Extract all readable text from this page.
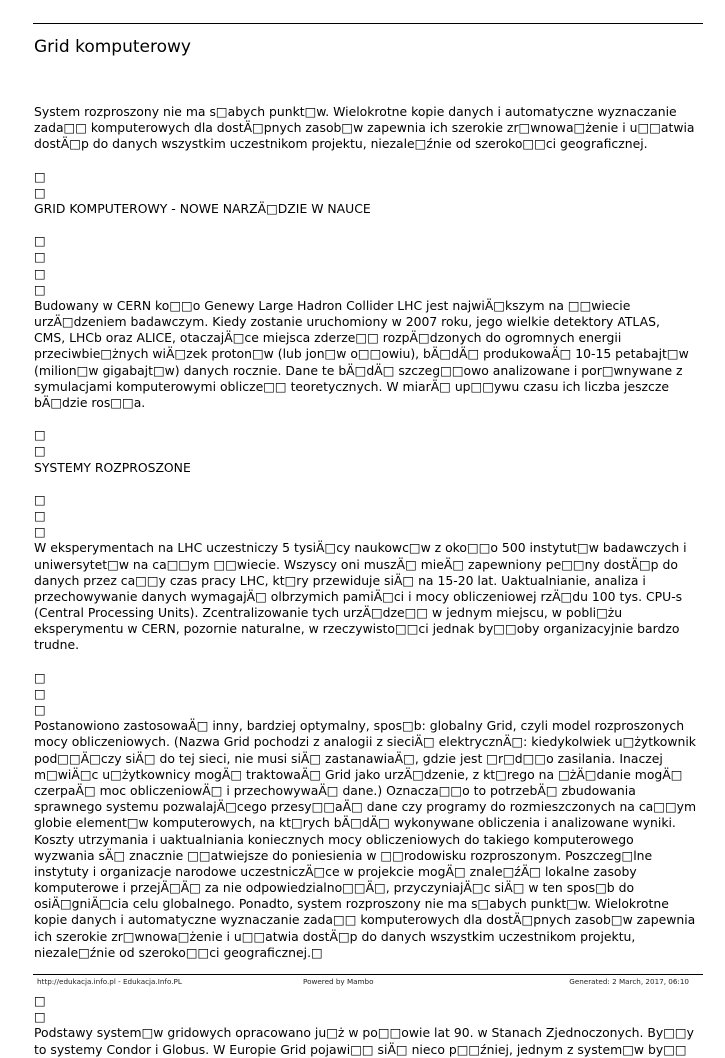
Grid komputerowy
System rozproszony nie ma s□abych punkt□w. Wielokrotne kopie danych i automatyczne wyznaczanie
zada□□ komputerowych dla dostÄ□pnych zasob□w zapewnia ich szerokie zr□wnowa□żenie i u□□atwia
dostÄ□p do danych wszystkim uczestnikom projektu, niezale□źnie od szeroko□□ci geograficznej.
□
□
GRID KOMPUTEROWY - NOWE NARZÄ□DZIE W NAUCE
□
□
□
□
Budowany w CERN ko□□o Genewy Large Hadron Collider LHC jest najwiÄ□kszym na □□wiecie
urzÄ□dzeniem badawczym. Kiedy zostanie uruchomiony w 2007 roku, jego wielkie detektory ATLAS,
CMS, LHCb oraz ALICE, otaczajÄ□ce miejsca zderze□□ rozpÄ□dzonych do ogromnych energii
przeciwbie□żnych wiÄ□zek proton□w (lub jon□w o□□owiu), bÄ□dÄ□ produkowaÄ□ 10-15 petabajt□w
(milion□w gigabajt□w) danych rocznie. Dane te bÄ□dÄ□ szczeg□□owo analizowane i por□wnywane z
symulacjami komputerowymi oblicze□□ teoretycznych. W miarÄ□ up□□ywu czasu ich liczba jeszcze
bÄ□dzie ros□□a.
□
□
SYSTEMY ROZPROSZONE
□
□
□
W eksperymentach na LHC uczestniczy 5 tysiÄ□cy naukowc□w z oko□□o 500 instytut□w badawczych i
uniwersytet□w na ca□□ym □□wiecie. Wszyscy oni muszÄ□ mieÄ□ zapewniony pe□□ny dostÄ□p do
danych przez ca□□y czas pracy LHC, kt□ry przewiduje siÄ□ na 15-20 lat. Uaktualnianie, analiza i
przechowywanie danych wymagajÄ□ olbrzymich pamiÄ□ci i mocy obliczeniowej rzÄ□du 100 tys. CPU-s
(Central Processing Units). Zcentralizowanie tych urzÄ□dze□□ w jednym miejscu, w pobli□żu
eksperymentu w CERN, pozornie naturalne, w rzeczywisto□□ci jednak by□□oby organizacyjnie bardzo
trudne.
□
□
□
Postanowiono zastosowaÄ□ inny, bardziej optymalny, spos□b: globalny Grid, czyli model rozproszonych
mocy obliczeniowych. (Nazwa Grid pochodzi z analogii z sieciÄ□ elektrycznÄ□: kiedykolwiek u□żytkownik
pod□□Ä□czy siÄ□ do tej sieci, nie musi siÄ□ zastanawiaÄ□, gdzie jest □r□d□□o zasilania. Inaczej
m□wiÄ□c u□żytkownicy mogÄ□ traktowaÄ□ Grid jako urzÄ□dzenie, z kt□rego na □żÄ□danie mogÄ□
czerpaÄ□ moc obliczeniowÄ□ i przechowywaÄ□ dane.) Oznacza□□o to potrzebÄ□ zbudowania
sprawnego systemu pozwalajÄ□cego przesy□□aÄ□ dane czy programy do rozmieszczonych na ca□□ym
globie element□w komputerowych, na kt□rych bÄ□dÄ□ wykonywane obliczenia i analizowane wyniki.
Koszty utrzymania i uaktualniania koniecznych mocy obliczeniowych do takiego komputerowego
wyzwania sÄ□ znacznie □□atwiejsze do poniesienia w □□rodowisku rozproszonym. Poszczeg□lne
instytuty i organizacje narodowe uczestniczÄ□ce w projekcie mogÄ□ znale□źÄ□ lokalne zasoby
komputerowe i przejÄ□Ä□ za nie odpowiedzialno□□Ä□, przyczyniajÄ□c siÄ□ w ten spos□b do
osiÄ□gniÄ□cia celu globalnego. Ponadto, system rozproszony nie ma s□abych punkt□w. Wielokrotne
kopie danych i automatyczne wyznaczanie zada□□ komputerowych dla dostÄ□pnych zasob□w zapewnia
ich szerokie zr□wnowa□żenie i u□□atwia dostÄ□p do danych wszystkim uczestnikom projektu,
niezale□źnie od szeroko□□ci geograficznej.□
□
□
Podstawy system□w gridowych opracowano ju□ż w po□□owie lat 90. w Stanach Zjednoczonych. By□□y
to systemy Condor i Globus. W Europie Grid pojawi□□ siÄ□ nieco p□□źniej, jednym z system□w by□□
http://edukacja.info.pl - Edukacja.Info.PL	Powered by Mambo	Generated: 2 March, 2017, 06:10
